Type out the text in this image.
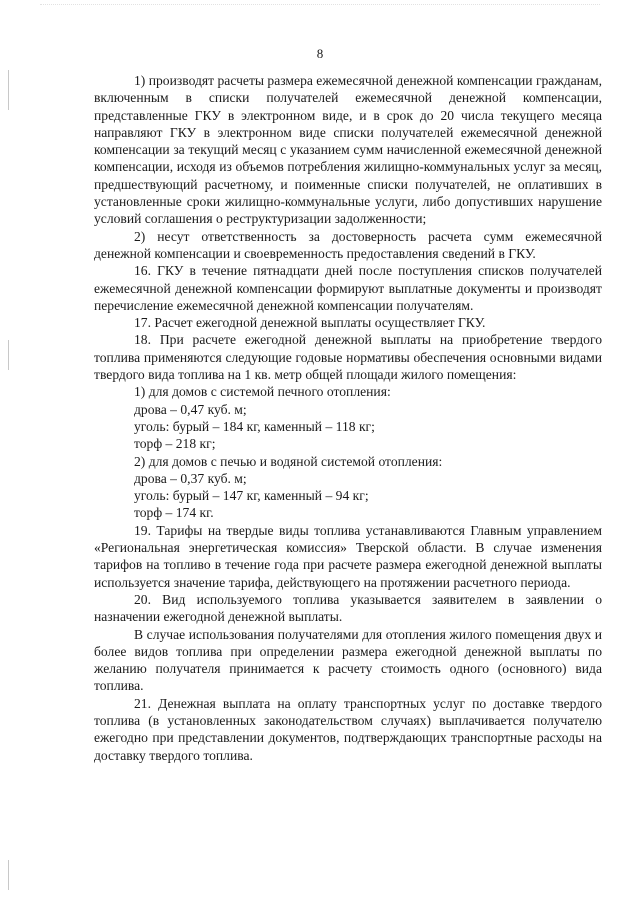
8

1) производят расчеты размера ежемесячной денежной компенсации гражданам, включенным в списки получателей ежемесячной денежной компенсации, представленные ГКУ в электронном виде, и в срок до 20 числа текущего месяца направляют ГКУ в электронном виде списки получателей ежемесячной денежной компенсации за текущий месяц с указанием сумм начисленной ежемесячной денежной компенсации, исходя из объемов потребления жилищно-коммунальных услуг за месяц, предшествующий расчетному, и поименные списки получателей, не оплативших в установленные сроки жилищно-коммунальные услуги, либо допустивших нарушение условий соглашения о реструктуризации задолженности;

2) несут ответственность за достоверность расчета сумм ежемесячной денежной компенсации и своевременность предоставления сведений в ГКУ.

16. ГКУ в течение пятнадцати дней после поступления списков получателей ежемесячной денежной компенсации формируют выплатные документы и производят перечисление ежемесячной денежной компенсации получателям.

17. Расчет ежегодной денежной выплаты осуществляет ГКУ.

18. При расчете ежегодной денежной выплаты на приобретение твердого топлива применяются следующие годовые нормативы обеспечения основными видами твердого вида топлива на 1 кв. метр общей площади жилого помещения:

1) для домов с системой печного отопления:

дрова – 0,47 куб. м;

уголь: бурый – 184 кг, каменный – 118 кг;

торф – 218 кг;

2) для домов с печью и водяной системой отопления:

дрова – 0,37 куб. м;

уголь: бурый – 147 кг, каменный – 94 кг;

торф – 174 кг.

19. Тарифы на твердые виды топлива устанавливаются Главным управлением «Региональная энергетическая комиссия» Тверской области. В случае изменения тарифов на топливо в течение года при расчете размера ежегодной денежной выплаты используется значение тарифа, действующего на протяжении расчетного периода.

20. Вид используемого топлива указывается заявителем в заявлении о назначении ежегодной денежной выплаты.

В случае использования получателями для отопления жилого помещения двух и более видов топлива при определении размера ежегодной денежной выплаты по желанию получателя принимается к расчету стоимость одного (основного) вида топлива.

21. Денежная выплата на оплату транспортных услуг по доставке твердого топлива (в установленных законодательством случаях) выплачивается получателю ежегодно при представлении документов, подтверждающих транспортные расходы на доставку твердого топлива.
